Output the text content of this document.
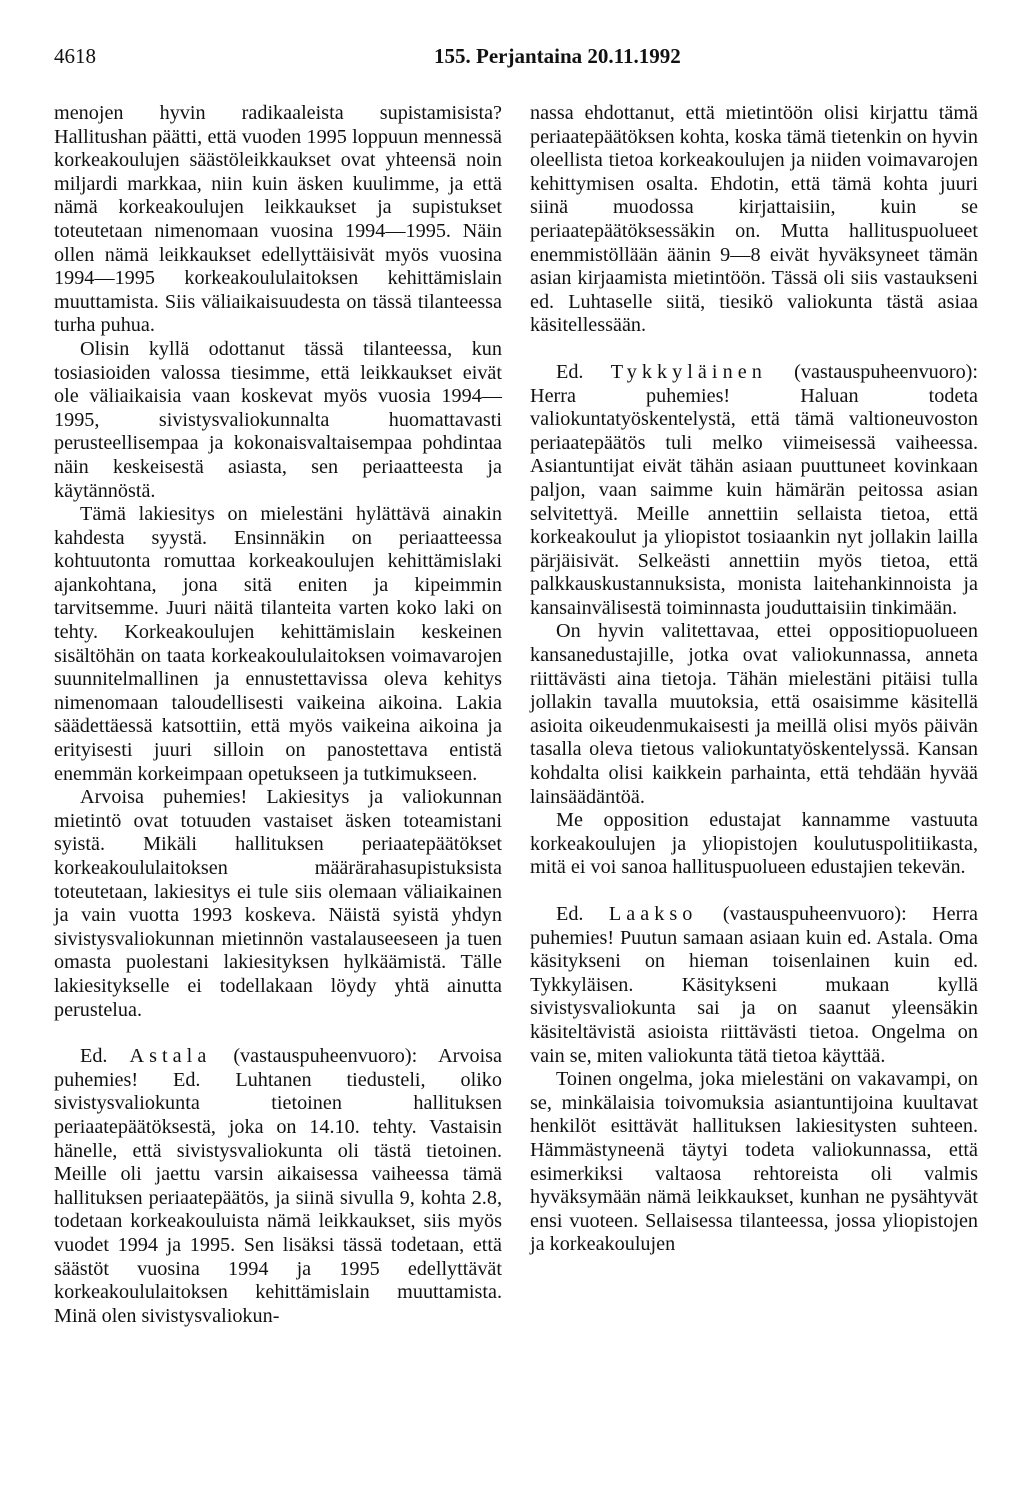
4618	155. Perjantaina 20.11.1992

menojen hyvin radikaaleista supistamisista? Hallitushan päätti, että vuoden 1995 loppuun mennessä korkeakoulujen säästöleikkaukset ovat yhteensä noin miljardi markkaa, niin kuin äsken kuulimme, ja että nämä korkeakoulujen leikkaukset ja supistukset toteutetaan nimenomaan vuosina 1994—1995. Näin ollen nämä leikkaukset edellyttäisivät myös vuosina 1994—1995 korkeakoululaitoksen kehittämislain muuttamista. Siis väliaikaisuudesta on tässä tilanteessa turha puhua.

Olisin kyllä odottanut tässä tilanteessa, kun tosiasioiden valossa tiesimme, että leikkaukset eivät ole väliaikaisia vaan koskevat myös vuosia 1994—1995, sivistysvaliokunnalta huomattavasti perusteellisempaa ja kokonaisvaltaisempaa pohdintaa näin keskeisestä asiasta, sen periaatteesta ja käytännöstä.

Tämä lakiesitys on mielestäni hylättävä ainakin kahdesta syystä. Ensinnäkin on periaatteessa kohtuutonta romuttaa korkeakoulujen kehittämislaki ajankohtana, jona sitä eniten ja kipeimmin tarvitsemme. Juuri näitä tilanteita varten koko laki on tehty. Korkeakoulujen kehittämislain keskeinen sisältöhän on taata korkeakoululaitoksen voimavarojen suunnitelmallinen ja ennustettavissa oleva kehitys nimenomaan taloudellisesti vaikeina aikoina. Lakia säädettäessä katsottiin, että myös vaikeina aikoina ja erityisesti juuri silloin on panostettava entistä enemmän korkeimpaan opetukseen ja tutkimukseen.

Arvoisa puhemies! Lakiesitys ja valiokunnan mietintö ovat totuuden vastaiset äsken toteamistani syistä. Mikäli hallituksen periaatepäätökset korkeakoululaitoksen määrärahasupistuksista toteutetaan, lakiesitys ei tule siis olemaan väliaikainen ja vain vuotta 1993 koskeva. Näistä syistä yhdyn sivistysvaliokunnan mietinnön vastalauseeseen ja tuen omasta puolestani lakiesityksen hylkäämistä. Tälle lakiesitykselle ei todellakaan löydy yhtä ainutta perustelua.

Ed. Astala (vastauspuheenvuoro): Arvoisa puhemies! Ed. Luhtanen tiedusteli, oliko sivistysvaliokunta tietoinen hallituksen periaatepäätöksestä, joka on 14.10. tehty. Vastaisin hänelle, että sivistysvaliokunta oli tästä tietoinen. Meille oli jaettu varsin aikaisessa vaiheessa tämä hallituksen periaatepäätös, ja siinä sivulla 9, kohta 2.8, todetaan korkeakouluista nämä leikkaukset, siis myös vuodet 1994 ja 1995. Sen lisäksi tässä todetaan, että säästöt vuosina 1994 ja 1995 edellyttävät korkeakoululaitoksen kehittämislain muuttamista. Minä olen sivistysvaliokun-

nassa ehdottanut, että mietintöön olisi kirjattu tämä periaatepäätöksen kohta, koska tämä tietenkin on hyvin oleellista tietoa korkeakoulujen ja niiden voimavarojen kehittymisen osalta. Ehdotin, että tämä kohta juuri siinä muodossa kirjattaisiin, kuin se periaatepäätöksessäkin on. Mutta hallituspuolueet enemmistöllään äänin 9—8 eivät hyväksyneet tämän asian kirjaamista mietintöön. Tässä oli siis vastaukseni ed. Luhtaselle siitä, tiesikö valiokunta tästä asiaa käsitellessään.

Ed. Tykkyläinen (vastauspuheenvuoro): Herra puhemies! Haluan todeta valiokuntatyöskentelystä, että tämä valtioneuvoston periaatepäätös tuli melko viimeisessä vaiheessa. Asiantuntijat eivät tähän asiaan puuttuneet kovinkaan paljon, vaan saimme kuin hämärän peitossa asian selvitettyä. Meille annettiin sellaista tietoa, että korkeakoulut ja yliopistot tosiaankin nyt jollakin lailla pärjäisivät. Selkeästi annettiin myös tietoa, että palkkauskustannuksista, monista laitehankinnoista ja kansainvälisestä toiminnasta jouduttaisiin tinkimään.

On hyvin valitettavaa, ettei oppositiopuolueen kansanedustajille, jotka ovat valiokunnassa, anneta riittävästi aina tietoja. Tähän mielestäni pitäisi tulla jollakin tavalla muutoksia, että osaisimme käsitellä asioita oikeudenmukaisesti ja meillä olisi myös päivän tasalla oleva tietous valiokuntatyöskentelyssä. Kansan kohdalta olisi kaikkein parhainta, että tehdään hyvää lainsäädäntöä.

Me opposition edustajat kannamme vastuuta korkeakoulujen ja yliopistojen koulutuspolitiikasta, mitä ei voi sanoa hallituspuolueen edustajien tekevän.

Ed. Laakso (vastauspuheenvuoro): Herra puhemies! Puutun samaan asiaan kuin ed. Astala. Oma käsitykseni on hieman toisenlainen kuin ed. Tykkyläisen. Käsitykseni mukaan kyllä sivistysvaliokunta sai ja on saanut yleensäkin käsiteltävistä asioista riittävästi tietoa. Ongelma on vain se, miten valiokunta tätä tietoa käyttää.

Toinen ongelma, joka mielestäni on vakavampi, on se, minkälaisia toivomuksia asiantuntijoina kuultavat henkilöt esittävät hallituksen lakiesitysten suhteen. Hämmästyneenä täytyi todeta valiokunnassa, että esimerkiksi valtaosa rehtoreista oli valmis hyväksymään nämä leikkaukset, kunhan ne pysähtyvät ensi vuoteen. Sellaisessa tilanteessa, jossa yliopistojen ja korkeakoulujen
